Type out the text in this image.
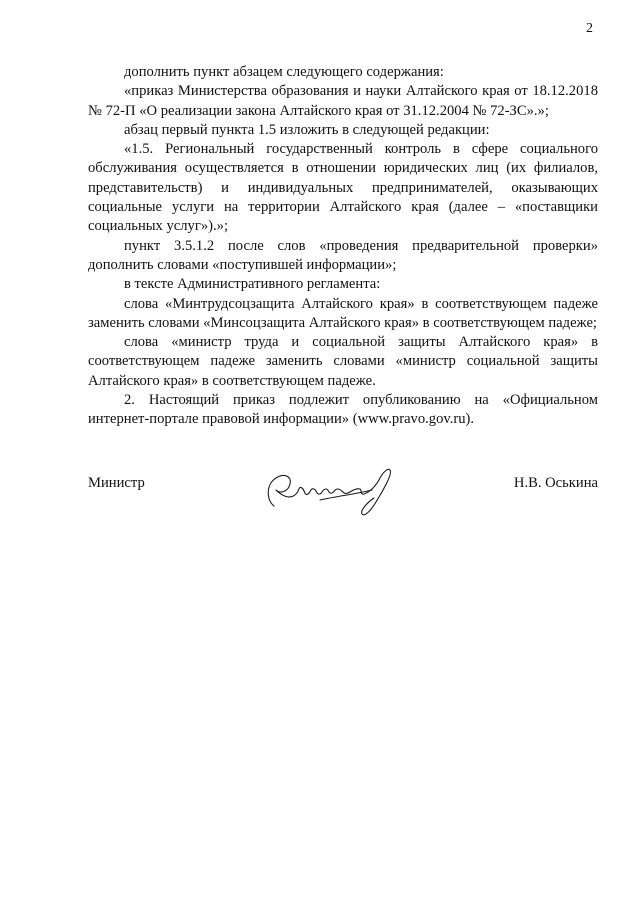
2

дополнить пункт абзацем следующего содержания:

«приказ Министерства образования и науки Алтайского края от 18.12.2018 № 72-П «О реализации закона Алтайского края от 31.12.2004 № 72-ЗС».»;

абзац первый пункта 1.5 изложить в следующей редакции:

«1.5. Региональный государственный контроль в сфере социального обслуживания осуществляется в отношении юридических лиц (их филиалов, представительств) и индивидуальных предпринимателей, оказывающих социальные услуги на территории Алтайского края (далее – «поставщики социальных услуг»).»;

пункт 3.5.1.2 после слов «проведения предварительной проверки» дополнить словами «поступившей информации»;

в тексте Административного регламента:

слова «Минтрудсоцзащита Алтайского края» в соответствующем падеже заменить словами «Минсоцзащита Алтайского края» в соответствующем падеже;

слова «министр труда и социальной защиты Алтайского края» в соответствующем падеже заменить словами «министр социальной защиты Алтайского края» в соответствующем падеже.

2. Настоящий приказ подлежит опубликованию на «Официальном интернет-портале правовой информации» (www.pravo.gov.ru).

Министр	Н.В. Оськина
